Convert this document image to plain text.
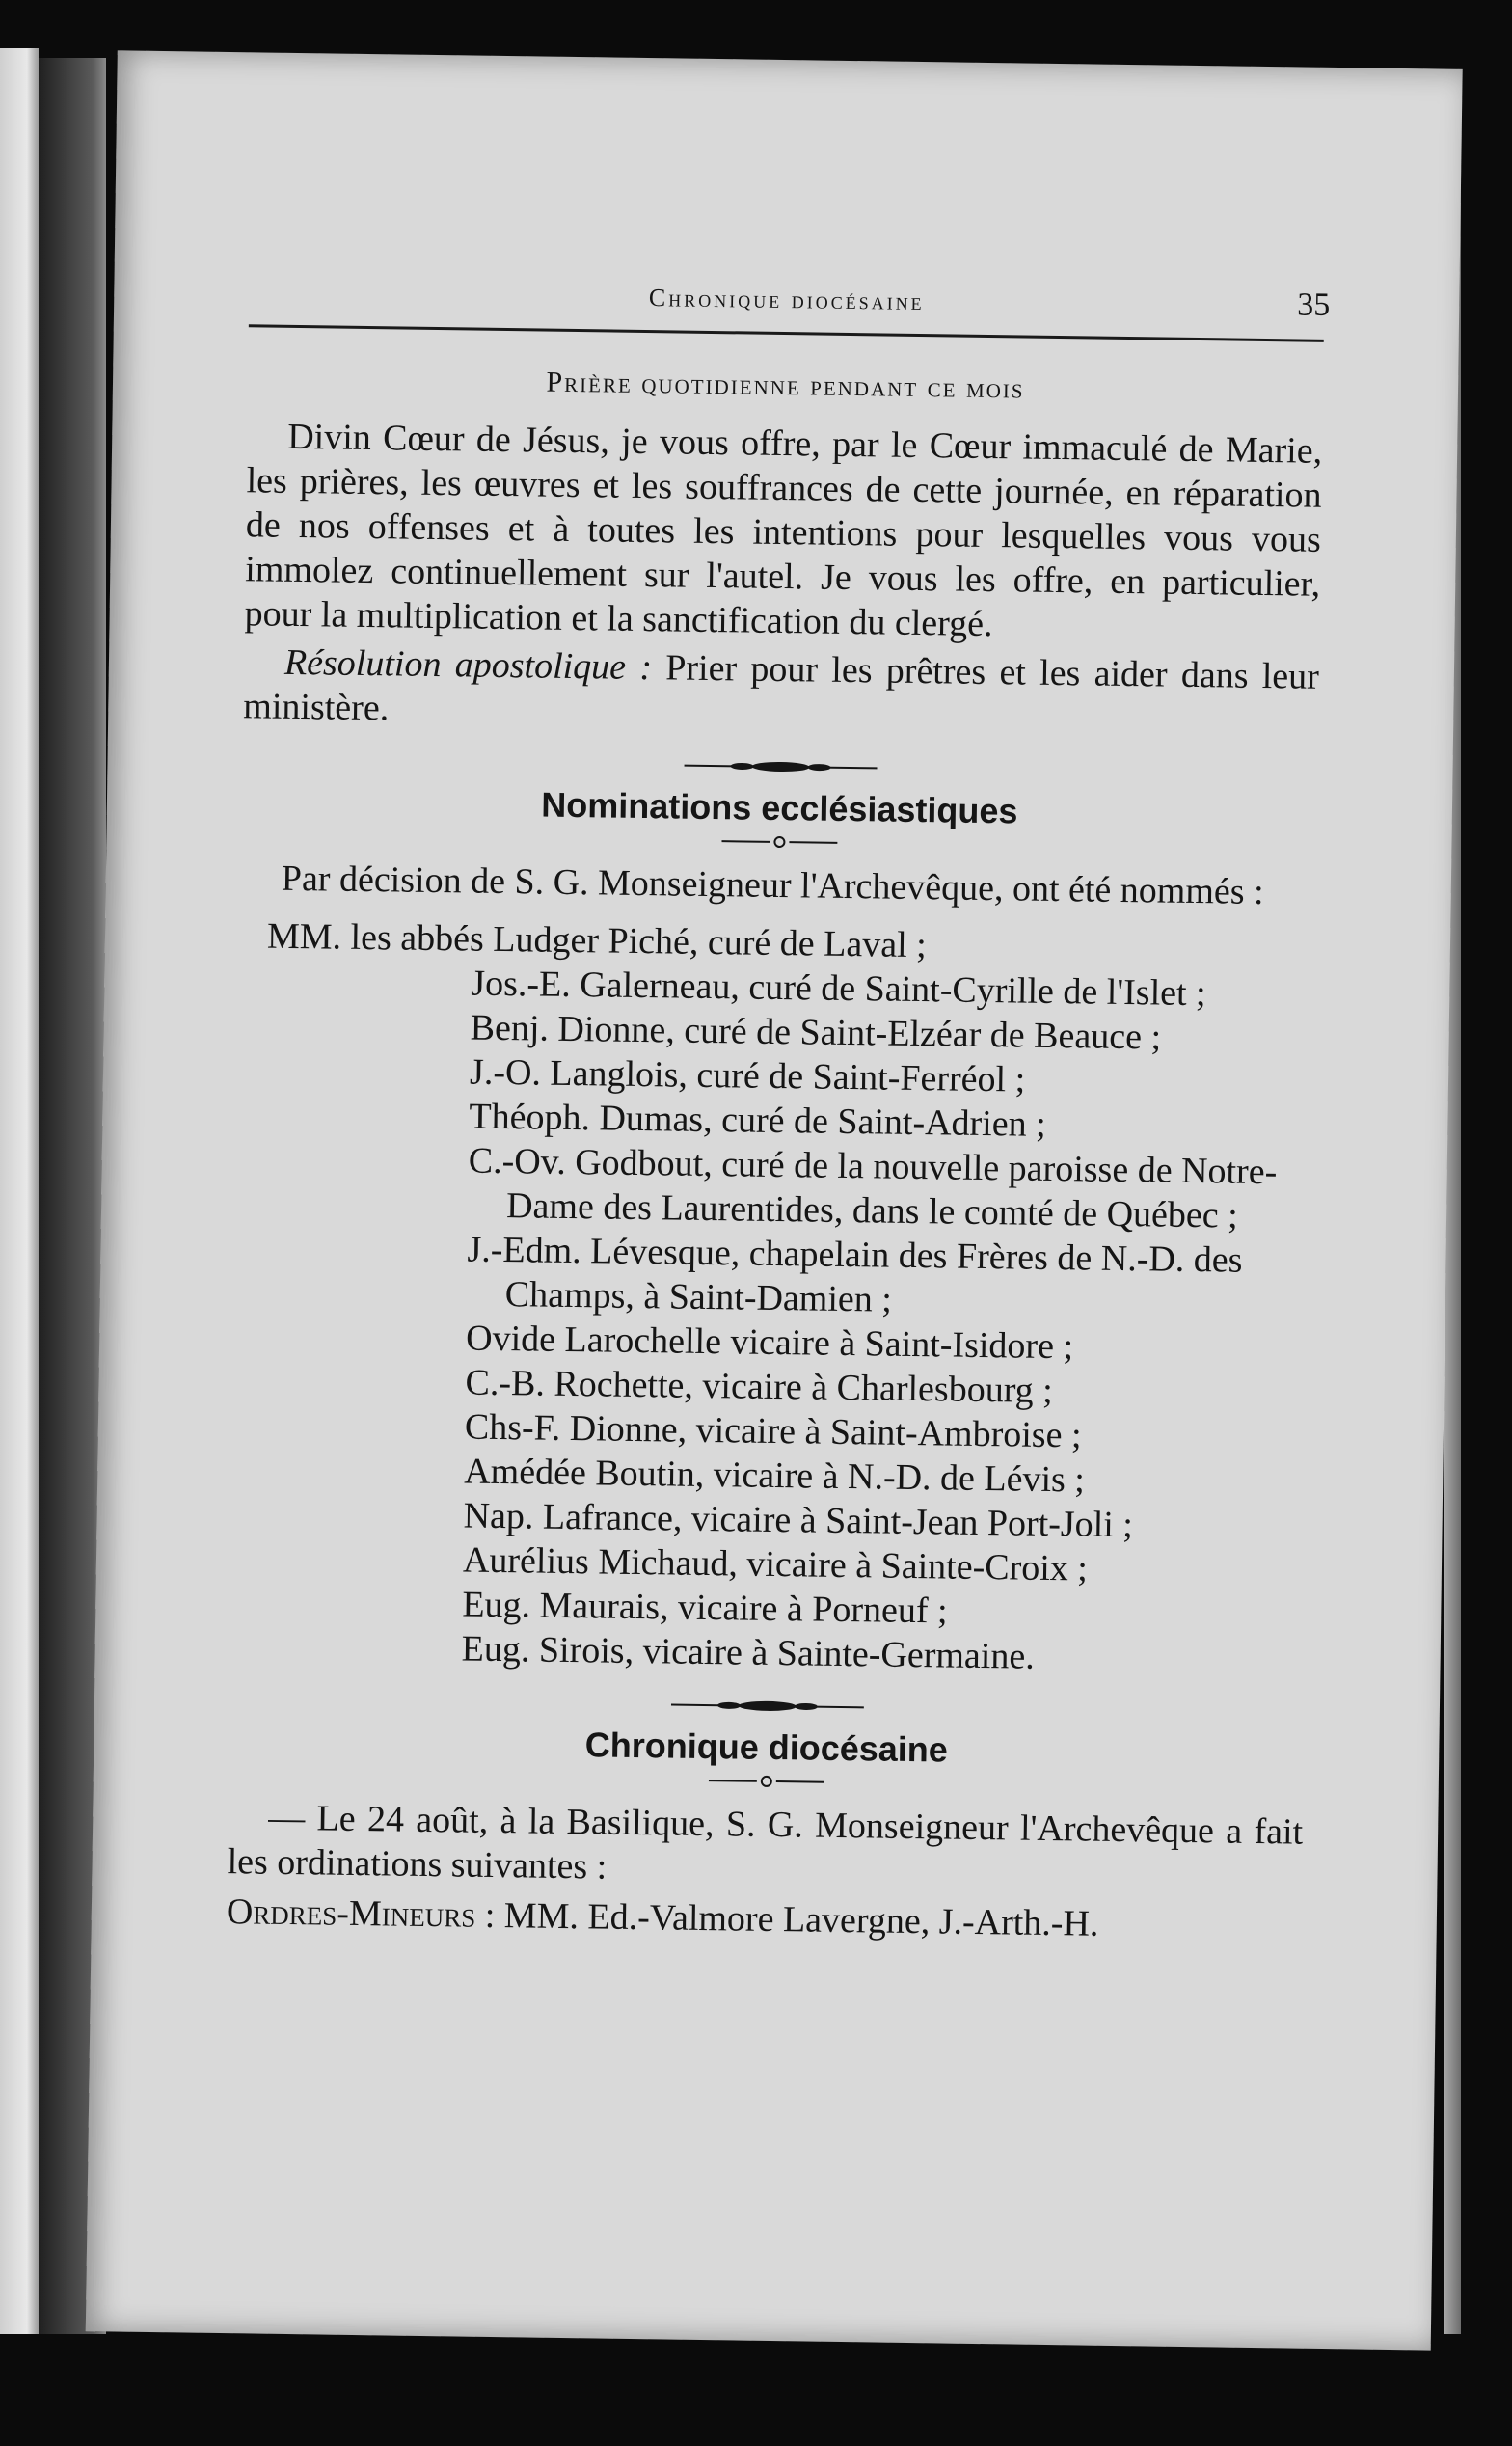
Chronique diocésaine	35
Prière quotidienne pendant ce mois

Divin Cœur de Jésus, je vous offre, par le Cœur immaculé de Marie, les prières, les œuvres et les souffrances de cette journée, en réparation de nos offenses et à toutes les intentions pour lesquelles vous vous immolez continuellement sur l'autel. Je vous les offre, en particulier, pour la multiplication et la sanctification du clergé.

Résolution apostolique : Prier pour les prêtres et les aider dans leur ministère.

Nominations ecclésiastiques

Par décision de S. G. Monseigneur l'Archevêque, ont été nommés :

MM. les abbés Ludger Piché, curé de Laval ;
Jos.-E. Galerneau, curé de Saint-Cyrille de l'Islet ;
Benj. Dionne, curé de Saint-Elzéar de Beauce ;
J.-O. Langlois, curé de Saint-Ferréol ;
Théoph. Dumas, curé de Saint-Adrien ;
C.-Ov. Godbout, curé de la nouvelle paroisse de Notre-Dame des Laurentides, dans le comté de Québec ;
J.-Edm. Lévesque, chapelain des Frères de N.-D. des Champs, à Saint-Damien ;
Ovide Larochelle vicaire à Saint-Isidore ;
C.-B. Rochette, vicaire à Charlesbourg ;
Chs-F. Dionne, vicaire à Saint-Ambroise ;
Amédée Boutin, vicaire à N.-D. de Lévis ;
Nap. Lafrance, vicaire à Saint-Jean Port-Joli ;
Aurélius Michaud, vicaire à Sainte-Croix ;
Eug. Maurais, vicaire à Porneuf ;
Eug. Sirois, vicaire à Sainte-Germaine.
Chronique diocésaine

— Le 24 août, à la Basilique, S. G. Monseigneur l'Archevêque a fait les ordinations suivantes :

Ordres-Mineurs : MM. Ed.-Valmore Lavergne, J.-Arth.-H.
